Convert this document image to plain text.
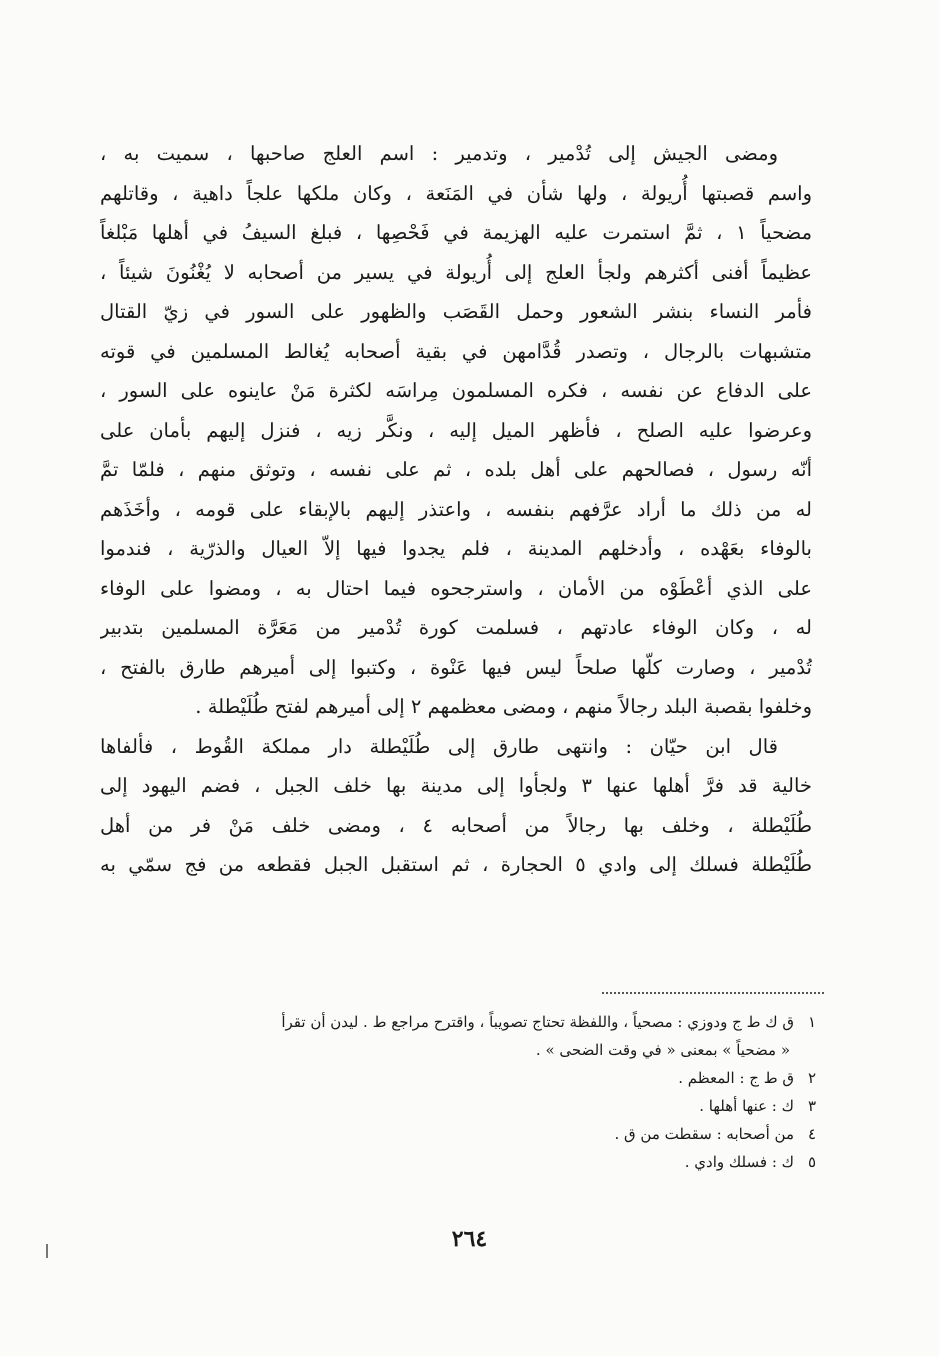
ومضى الجيش إلى تُدْمير ، وتدمير : اسم العلج صاحبها ، سميت به ،
واسم قصبتها أُريولة ، ولها شأن في المَنَعة ، وكان ملكها علجاً داهية ، وقاتلهم
مضحياً ١ ، ثمَّ استمرت عليه الهزيمة في فَحْصِها ، فبلغ السيفُ في أهلها مَبْلغاً
عظيماً أفنى أكثرهم ولجأ العلج إلى أُريولة في يسير من أصحابه لا يُغْنُونَ شيئاً ،
فأمر النساء بنشر الشعور وحمل القَصَب والظهور على السور في زيّ القتال
متشبهات بالرجال ، وتصدر قُدَّامهن في بقية أصحابه يُغالط المسلمين في قوته
على الدفاع عن نفسه ، فكره المسلمون مِراسَه لكثرة مَنْ عاينوه على السور ،
وعرضوا عليه الصلح ، فأظهر الميل إليه ، ونكَّر زيه ، فنزل إليهم بأمان على
أنّه رسول ، فصالحهم على أهل بلده ، ثم على نفسه ، وتوثق منهم ، فلمّا تمَّ
له من ذلك ما أراد عرَّفهم بنفسه ، واعتذر إليهم بالإبقاء على قومه ، وأخَذَهم
بالوفاء بعَهْده ، وأدخلهم المدينة ، فلم يجدوا فيها إلاّ العيال والذرّية ، فندموا
على الذي أعْطَوْه من الأمان ، واسترجحوه فيما احتال به ، ومضوا على الوفاء
له ، وكان الوفاء عادتهم ، فسلمت كورة تُدْمير من مَعَرَّة المسلمين بتدبير
تُدْمير ، وصارت كلّها صلحاً ليس فيها عَنْوة ، وكتبوا إلى أميرهم طارق بالفتح ،
وخلفوا بقصبة البلد رجالاً منهم ، ومضى معظمهم ٢ إلى أميرهم لفتح طُلَيْطلة .
قال ابن حيّان : وانتهى طارق إلى طُلَيْطلة دار مملكة القُوط ، فألفاها
خالية قد فرَّ أهلها عنها ٣ ولجأوا إلى مدينة بها خلف الجبل ، فضم اليهود إلى
طُلَيْطلة ، وخلف بها رجالاً من أصحابه ٤ ، ومضى خلف مَنْ فر من أهل
طُلَيْطلة فسلك إلى وادي ٥ الحجارة ، ثم استقبل الجبل فقطعه من فج سمّي به
١ق ك ط ج ودوزي : مصحياً ، واللفظة تحتاج تصويباً ، واقترح مراجع ط . ليدن أن تقرأ
« مضحياً » بمعنى « في وقت الضحى » .
٢ق ط ج : المعظم .
٣ك : عنها أهلها .
٤من أصحابه : سقطت من ق .
٥ك : فسلك وادي .
٢٦٤
